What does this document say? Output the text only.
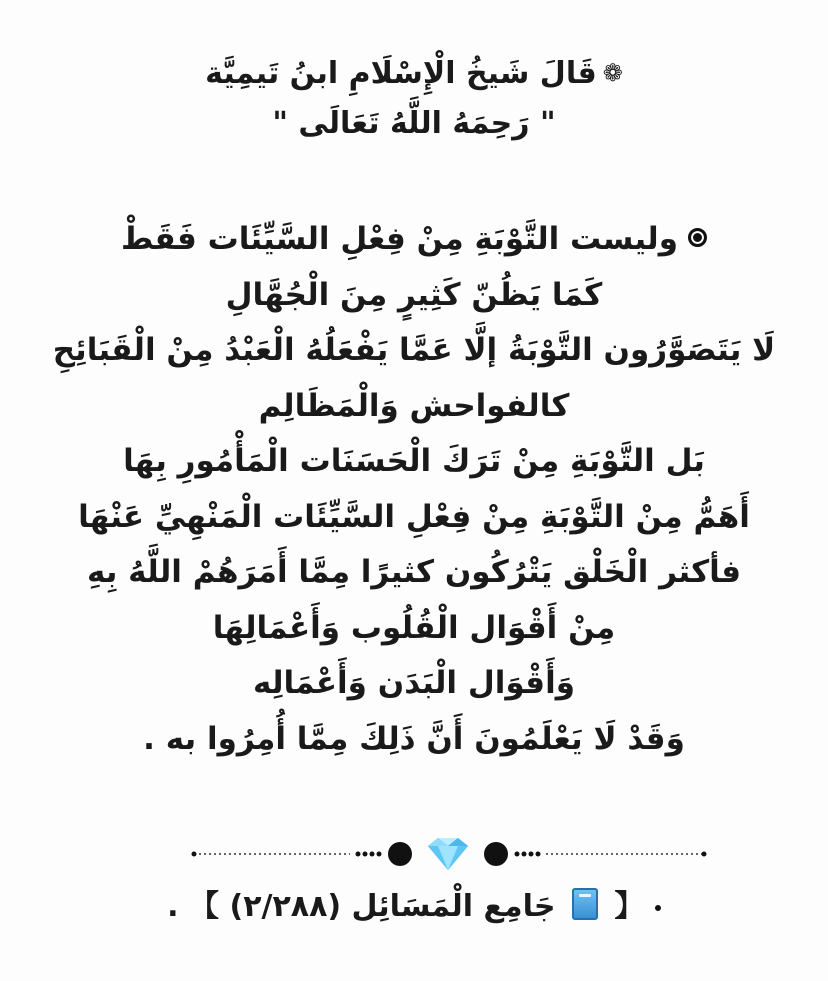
❁قَالَ شَيخُ الْإِسْلَامِ ابنُ تَيمِيَّة
" رَحِمَهُ اللَّهُ تَعَالَى "
وليست التَّوْبَةِ مِنْ فِعْلِ السَّيِّئَات فَقَطْ
كَمَا يَظُنّ كَثِيرٍ مِنَ الْجُهَّالِ
لَا يَتَصَوَّرُون التَّوْبَةُ إلَّا عَمَّا يَفْعَلُهُ الْعَبْدُ مِنْ الْقَبَائِحِ
كالفواحش وَالْمَظَالِم
بَل التَّوْبَةِ مِنْ تَرَكَ الْحَسَنَات الْمَأْمُورِ بِهَا
أَهَمُّ مِنْ التَّوْبَةِ مِنْ فِعْلِ السَّيِّئَات الْمَنْهِيِّ عَنْهَا
فأكثر الْخَلْق يَتْرُكُون كثيرًا مِمَّا أَمَرَهُمْ اللَّهُ بِهِ
مِنْ أَقْوَال الْقُلُوب وَأَعْمَالِهَا
وَأَقْوَال الْبَدَن وَأَعْمَالِه
وَقَدْ لَا يَعْلَمُونَ أَنَّ ذَلِكَ مِمَّا أُمِرُوا به .
【  جَامِع الْمَسَائِل (٢/٢٨٨) 】 .
